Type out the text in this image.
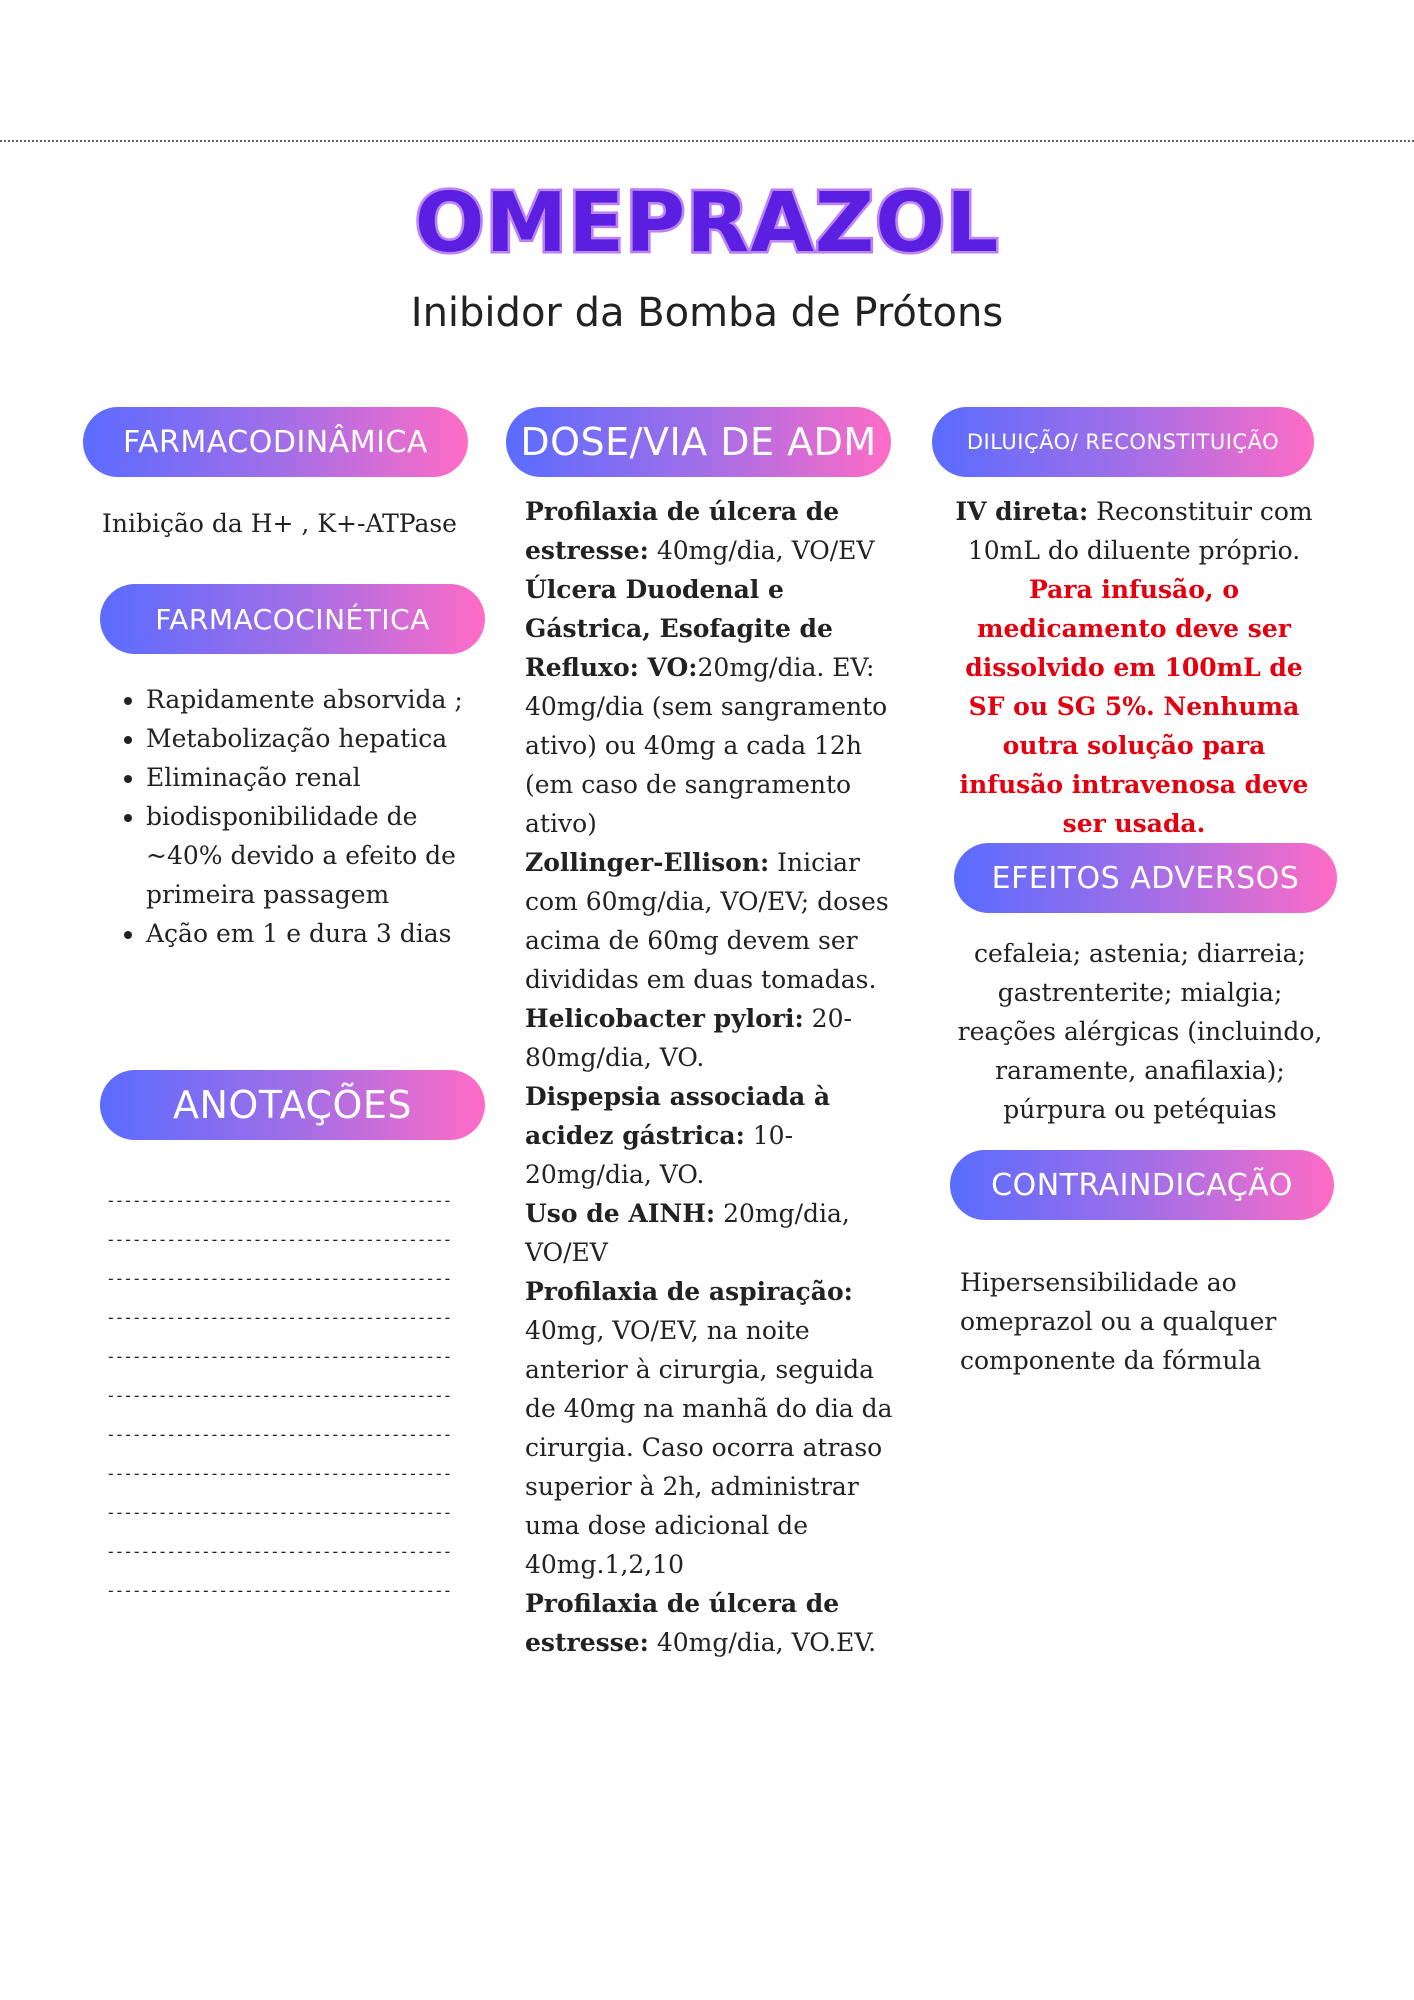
OMEPRAZOL
Inibidor da Bomba de Prótons
FARMACODINÂMICA
Inibição da H+ , K+-ATPase
FARMACOCINÉTICA
• Rapidamente absorvida ;
• Metabolização hepatica
• Eliminação renal
• biodisponibilidade de ~40% devido a efeito de primeira passagem
• Ação em 1 e dura 3 dias
ANOTAÇÕES
----------------------------------------
----------------------------------------
----------------------------------------
----------------------------------------
----------------------------------------
----------------------------------------
----------------------------------------
----------------------------------------
----------------------------------------
----------------------------------------
----------------------------------------
DOSE/VIA DE ADM
Profilaxia de úlcera de estresse: 40mg/dia, VO/EV
Úlcera Duodenal e Gástrica, Esofagite de Refluxo: VO:20mg/dia. EV: 40mg/dia (sem sangramento ativo) ou 40mg a cada 12h (em caso de sangramento ativo)
Zollinger-Ellison: Iniciar com 60mg/dia, VO/EV; doses acima de 60mg devem ser divididas em duas tomadas.
Helicobacter pylori: 20-80mg/dia, VO.
Dispepsia associada à acidez gástrica: 10-20mg/dia, VO.
Uso de AINH: 20mg/dia, VO/EV
Profilaxia de aspiração: 40mg, VO/EV, na noite anterior à cirurgia, seguida de 40mg na manhã do dia da cirurgia. Caso ocorra atraso superior à 2h, administrar uma dose adicional de 40mg.1,2,10
Profilaxia de úlcera de estresse: 40mg/dia, VO.EV.
DILUIÇÃO/ RECONSTITUIÇÃO
IV direta: Reconstituir com 10mL do diluente próprio.
Para infusão, o medicamento deve ser dissolvido em 100mL de SF ou SG 5%. Nenhuma outra solução para infusão intravenosa deve ser usada.
EFEITOS ADVERSOS
cefaleia; astenia; diarreia; gastrenterite; mialgia; reações alérgicas (incluindo, raramente, anafilaxia); púrpura ou petéquias
CONTRAINDICAÇÃO
Hipersensibilidade ao omeprazol ou a qualquer componente da fórmula
